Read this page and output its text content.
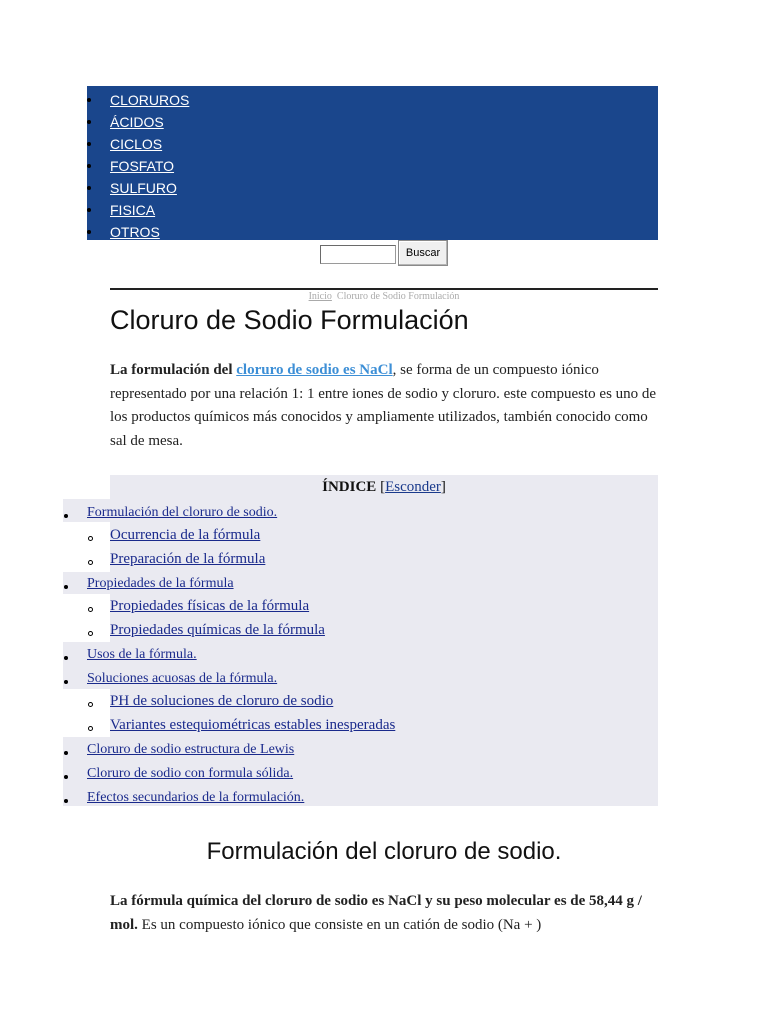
CLORUROS
ÁCIDOS
CICLOS
FOSFATO
SULFURO
FISICA
OTROS
Buscar
Inicio Cloruro de Sodio Formulación
Cloruro de Sodio Formulación

La formulación del cloruro de sodio es NaCl, se forma de un compuesto iónico representado por una relación 1: 1 entre iones de sodio y cloruro. este compuesto es uno de los productos químicos más conocidos y ampliamente utilizados, también conocido como sal de mesa.

ÍNDICE [Esconder]
Formulación del cloruro de sodio.
Ocurrencia de la fórmula
Preparación de la fórmula
Propiedades de la fórmula
Propiedades físicas de la fórmula
Propiedades químicas de la fórmula
Usos de la fórmula.
Soluciones acuosas de la fórmula.
PH de soluciones de cloruro de sodio
Variantes estequiométricas estables inesperadas
Cloruro de sodio estructura de Lewis
Cloruro de sodio con formula sólida.
Efectos secundarios de la formulación.
Formulación del cloruro de sodio.

La fórmula química del cloruro de sodio es NaCl y su peso molecular es de 58,44 g / mol. Es un compuesto iónico que consiste en un catión de sodio (Na + )
